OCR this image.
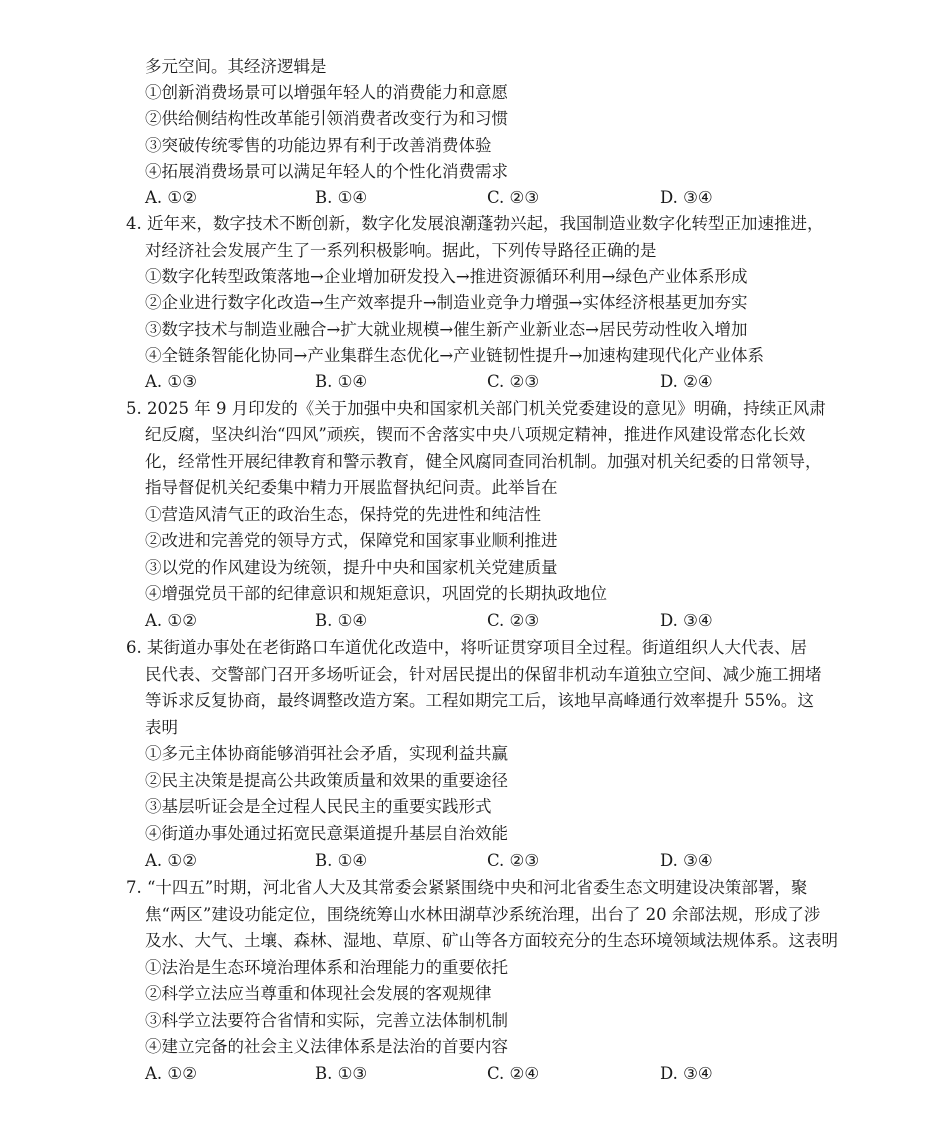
多元空间。其经济逻辑是
①创新消费场景可以增强年轻人的消费能力和意愿
②供给侧结构性改革能引领消费者改变行为和习惯
③突破传统零售的功能边界有利于改善消费体验
④拓展消费场景可以满足年轻人的个性化消费需求
A. ①②	B. ①④	C. ②③	D. ③④
4. 近年来，数字技术不断创新，数字化发展浪潮蓬勃兴起，我国制造业数字化转型正加速推进，
对经济社会发展产生了一系列积极影响。据此，下列传导路径正确的是
①数字化转型政策落地→企业增加研发投入→推进资源循环利用→绿色产业体系形成
②企业进行数字化改造→生产效率提升→制造业竞争力增强→实体经济根基更加夯实
③数字技术与制造业融合→扩大就业规模→催生新产业新业态→居民劳动性收入增加
④全链条智能化协同→产业集群生态优化→产业链韧性提升→加速构建现代化产业体系
A. ①③	B. ①④	C. ②③	D. ②④
5. 2025 年 9 月印发的《关于加强中央和国家机关部门机关党委建设的意见》明确，持续正风肃
纪反腐，坚决纠治“四风”顽疾，锲而不舍落实中央八项规定精神，推进作风建设常态化长效
化，经常性开展纪律教育和警示教育，健全风腐同查同治机制。加强对机关纪委的日常领导，
指导督促机关纪委集中精力开展监督执纪问责。此举旨在
①营造风清气正的政治生态，保持党的先进性和纯洁性
②改进和完善党的领导方式，保障党和国家事业顺利推进
③以党的作风建设为统领，提升中央和国家机关党建质量
④增强党员干部的纪律意识和规矩意识，巩固党的长期执政地位
A. ①②	B. ①④	C. ②③	D. ③④
6. 某街道办事处在老街路口车道优化改造中，将听证贯穿项目全过程。街道组织人大代表、居
民代表、交警部门召开多场听证会，针对居民提出的保留非机动车道独立空间、减少施工拥堵
等诉求反复协商，最终调整改造方案。工程如期完工后，该地早高峰通行效率提升 55%。这
表明
①多元主体协商能够消弭社会矛盾，实现利益共赢
②民主决策是提高公共政策质量和效果的重要途径
③基层听证会是全过程人民民主的重要实践形式
④街道办事处通过拓宽民意渠道提升基层自治效能
A. ①②	B. ①④	C. ②③	D. ③④
7. “十四五”时期，河北省人大及其常委会紧紧围绕中央和河北省委生态文明建设决策部署，聚
焦“两区”建设功能定位，围绕统筹山水林田湖草沙系统治理，出台了 20 余部法规，形成了涉
及水、大气、土壤、森林、湿地、草原、矿山等各方面较充分的生态环境领域法规体系。这表明
①法治是生态环境治理体系和治理能力的重要依托
②科学立法应当尊重和体现社会发展的客观规律
③科学立法要符合省情和实际，完善立法体制机制
④建立完备的社会主义法律体系是法治的首要内容
A. ①②	B. ①③	C. ②④	D. ③④
